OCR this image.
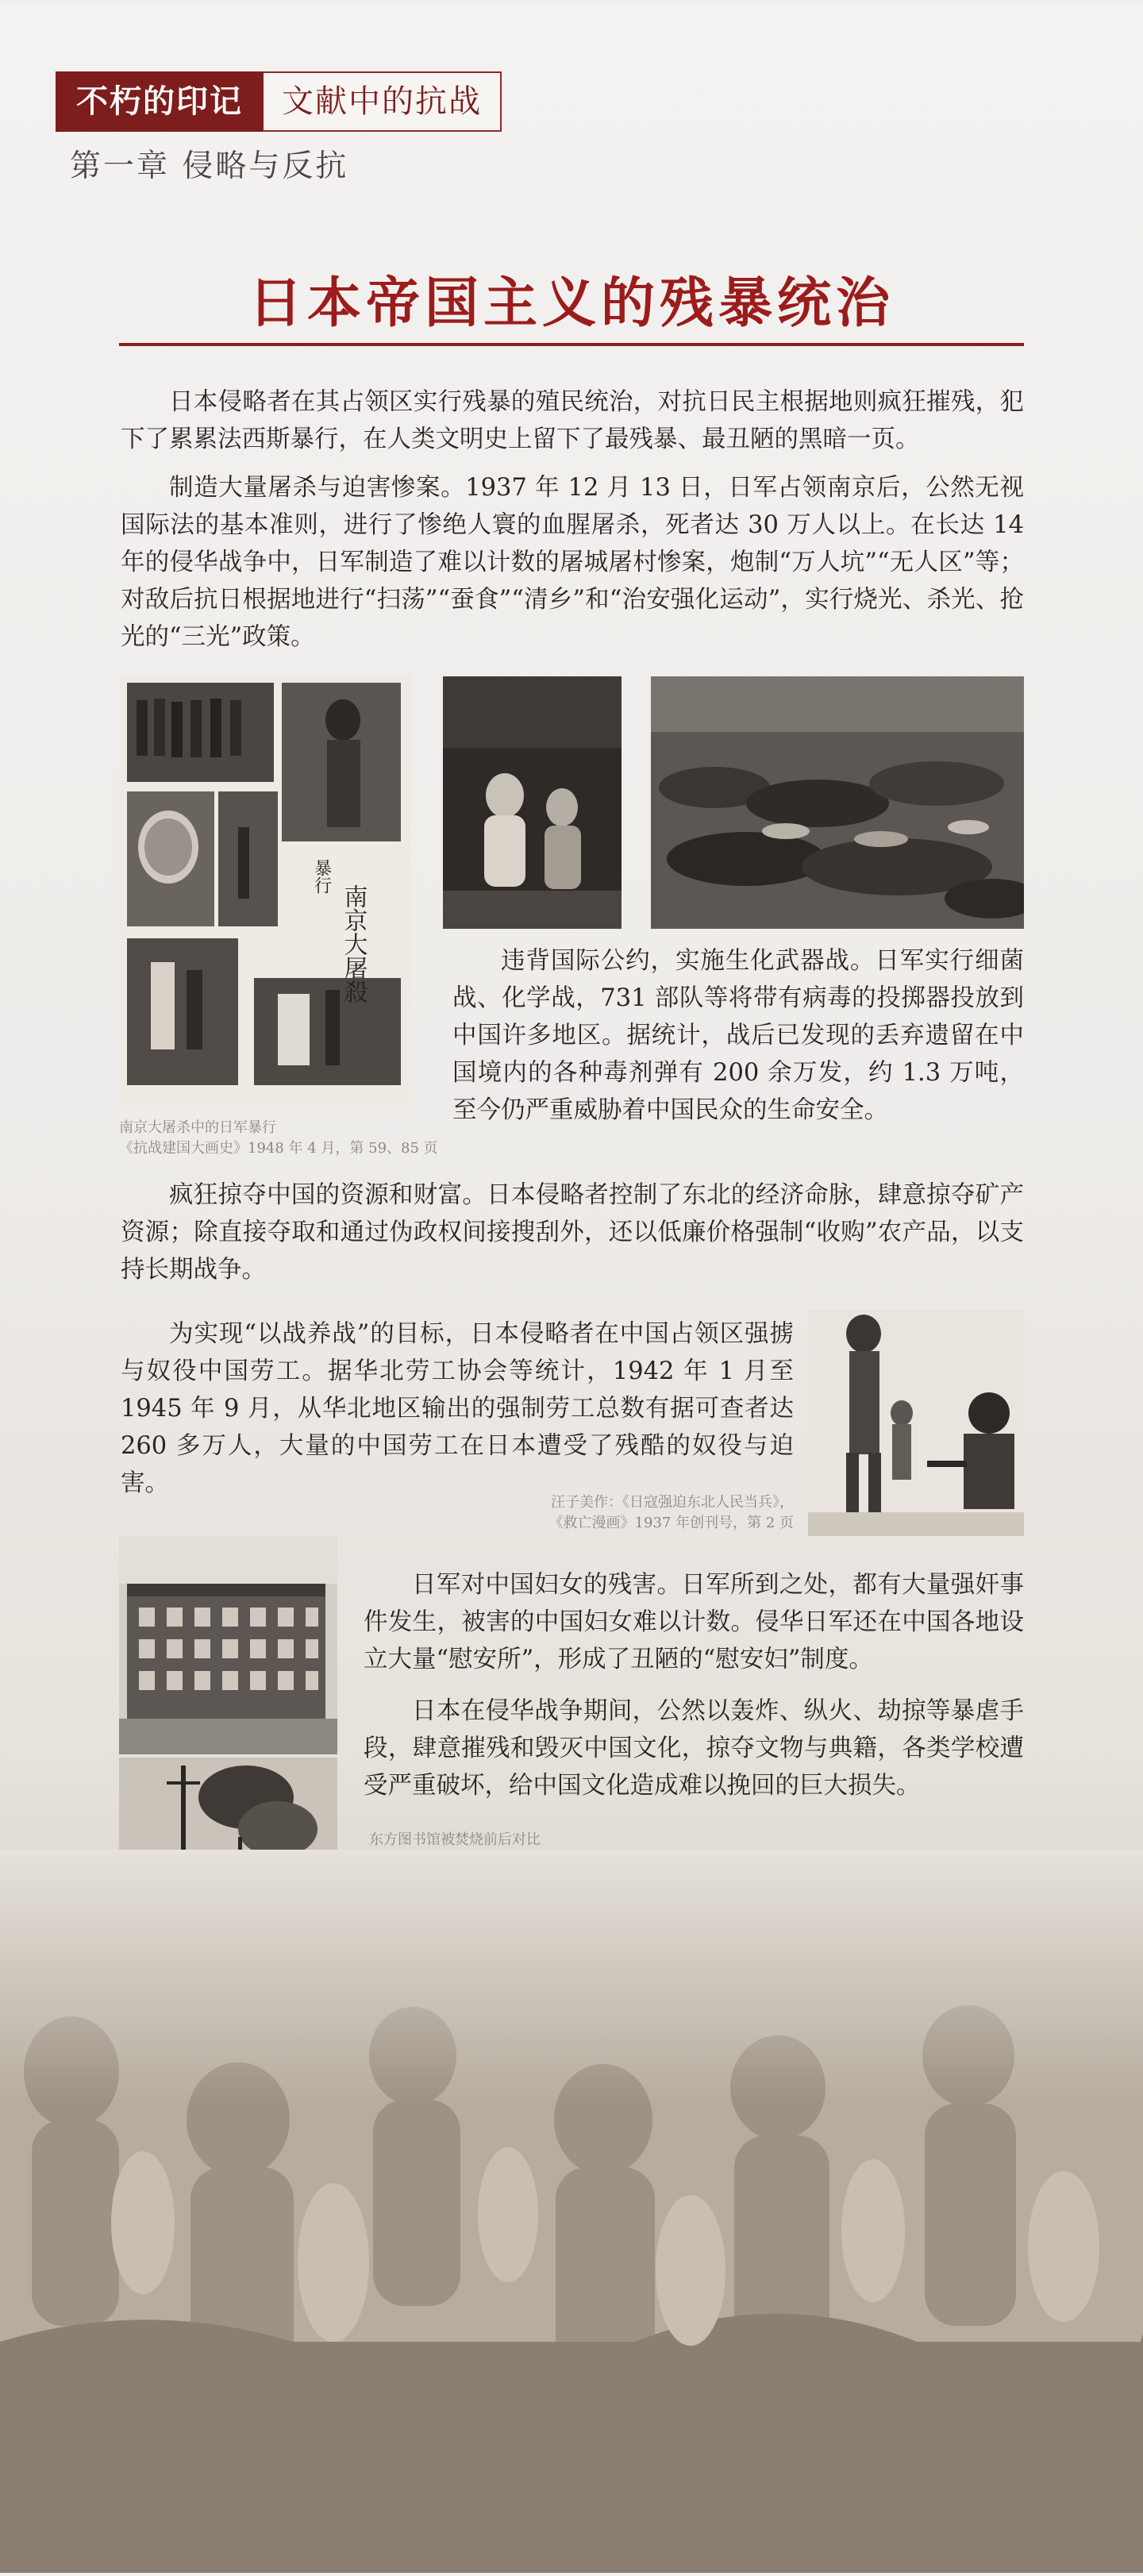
不朽的印记	文献中的抗战
第一章 侵略与反抗
日本帝国主义的残暴统治

日本侵略者在其占领区实行残暴的殖民统治，对抗日民主根据地则疯狂摧残，犯下了累累法西斯暴行，在人类文明史上留下了最残暴、最丑陋的黑暗一页。

制造大量屠杀与迫害惨案。1937 年 12 月 13 日，日军占领南京后，公然无视国际法的基本准则，进行了惨绝人寰的血腥屠杀，死者达 30 万人以上。在长达 14 年的侵华战争中，日军制造了难以计数的屠城屠村惨案，炮制“万人坑”“无人区”等；对敌后抗日根据地进行“扫荡”“蚕食”“清乡”和“治安强化运动”，实行烧光、杀光、抢光的“三光”政策。

南京大屠殺
暴行
南京大屠杀中的日军暴行
《抗战建国大画史》1948 年 4 月，第 59、85 页

违背国际公约，实施生化武器战。日军实行细菌战、化学战，731 部队等将带有病毒的投掷器投放到中国许多地区。据统计，战后已发现的丢弃遗留在中国境内的各种毒剂弹有 200 余万发，约 1.3 万吨，至今仍严重威胁着中国民众的生命安全。

疯狂掠夺中国的资源和财富。日本侵略者控制了东北的经济命脉，肆意掠夺矿产资源；除直接夺取和通过伪政权间接搜刮外，还以低廉价格强制“收购”农产品，以支持长期战争。

为实现“以战养战”的目标，日本侵略者在中国占领区强掳与奴役中国劳工。据华北劳工协会等统计，1942 年 1 月至 1945 年 9 月，从华北地区输出的强制劳工总数有据可查者达 260 多万人，大量的中国劳工在日本遭受了残酷的奴役与迫害。

汪子美作：《日寇强迫东北人民当兵》，
《救亡漫画》1937 年创刊号，第 2 页

日军对中国妇女的残害。日军所到之处，都有大量强奸事件发生，被害的中国妇女难以计数。侵华日军还在中国各地设立大量“慰安所”，形成了丑陋的“慰安妇”制度。

日本在侵华战争期间，公然以轰炸、纵火、劫掠等暴虐手段，肆意摧残和毁灭中国文化，掠夺文物与典籍，各类学校遭受严重破坏，给中国文化造成难以挽回的巨大损失。

东方图书馆被焚烧前后对比
